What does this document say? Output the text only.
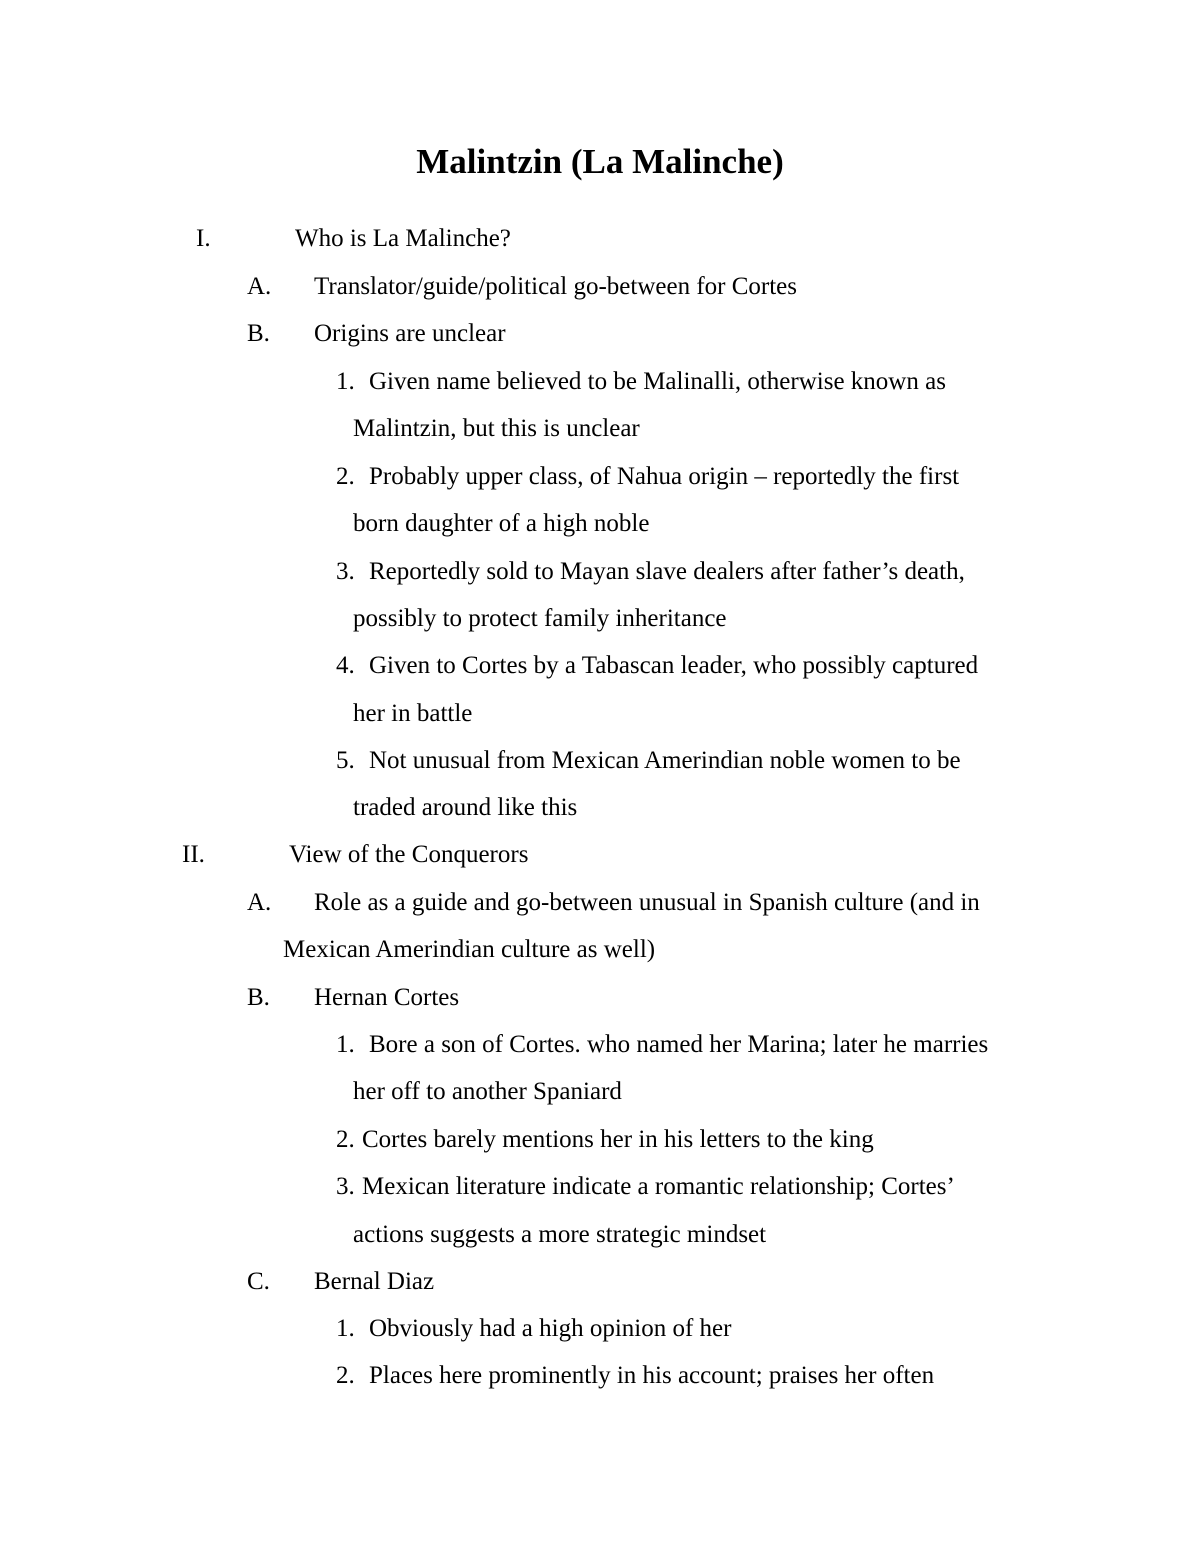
Malintzin (La Malinche)
I.	Who is La Malinche?
A. Translator/guide/political go-between for Cortes
B. Origins are unclear
1. Given name believed to be Malinalli, otherwise known as
Malintzin, but this is unclear
2. Probably upper class, of Nahua origin – reportedly the first
born daughter of a high noble
3. Reportedly sold to Mayan slave dealers after father’s death,
possibly to protect family inheritance
4. Given to Cortes by a Tabascan leader, who possibly captured
her in battle
5. Not unusual from Mexican Amerindian noble women to be
traded around like this
II.	View of the Conquerors
A. Role as a guide and go-between unusual in Spanish culture (and in
Mexican Amerindian culture as well)
B. Hernan Cortes
1. Bore a son of Cortes. who named her Marina; later he marries
her off to another Spaniard
2. Cortes barely mentions her in his letters to the king
3. Mexican literature indicate a romantic relationship; Cortes’
actions suggests a more strategic mindset
C. Bernal Diaz
1. Obviously had a high opinion of her
2. Places here prominently in his account; praises her often
